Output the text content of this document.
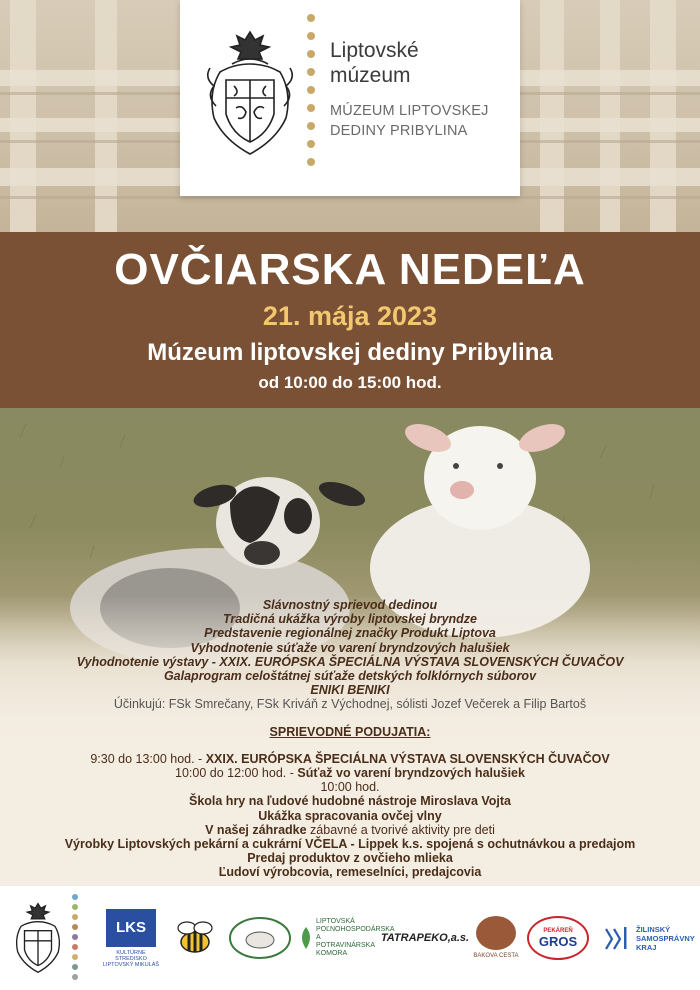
Liptovské
múzeum
MÚZEUM LIPTOVSKEJ
DEDINY PRIBYLINA
OVČIARSKA NEDEĽA
21. mája 2023
Múzeum liptovskej dediny Pribylina
od 10:00 do 15:00 hod.
Slávnostný sprievod dedinou
Tradičná ukážka výroby liptovskej bryndze
Predstavenie regionálnej značky Produkt Liptova
Vyhodnotenie súťaže vo varení bryndzových halušiek
Vyhodnotenie výstavy - XXIX. EURÓPSKA ŠPECIÁLNA VÝSTAVA SLOVENSKÝCH ČUVAČOV
Galaprogram celoštátnej súťaže detských folklórnych súborov
ENIKI BENIKI
Účinkujú: FSk Smrečany, FSk Kriváň z Východnej, sólisti Jozef Večerek a Filip Bartoš
SPRIEVODNÉ PODUJATIA:
9:30 do 13:00 hod. - XXIX. EURÓPSKA ŠPECIÁLNA VÝSTAVA SLOVENSKÝCH ČUVAČOV
10:00 do 12:00 hod. - Súťaž vo varení bryndzových halušiek
10:00 hod.
Škola hry na ľudové hudobné nástroje Miroslava Vojta
Ukážka spracovania ovčej vlny
V našej záhradke zábavné a tvorivé aktivity pre deti
Výrobky Liptovských pekární a cukrární VČELA - Lippek k.s. spojená s ochutnávkou a predajom
Predaj produktov z ovčieho mlieka
Ľudoví výrobcovia, remeselníci, predajcovia
LKS
KULTÚRNE STREDISKO LIPTOVSKÝ MIKULÁŠ
LIPTOVSKÁ POĽNOHOSPODÁRSKA A POTRAVINÁRSKA KOMORA
TATRAPEKO,a.s.
BAKOVA CESTA
PEKÁREŇ
GROS
ŽILINSKÝ SAMOSPRÁVNY KRAJ
